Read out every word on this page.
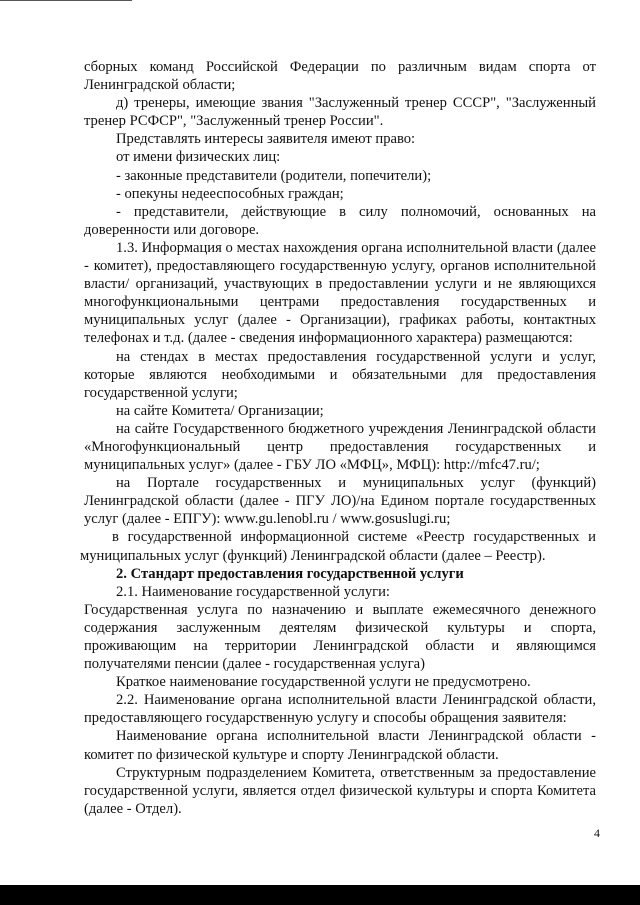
сборных команд Российской Федерации по различным видам спорта от Ленинградской области;

д) тренеры, имеющие звания "Заслуженный тренер СССР", "Заслуженный тренер РСФСР", "Заслуженный тренер России".

Представлять интересы заявителя имеют право:

от имени физических лиц:

- законные представители (родители, попечители);

- опекуны недееспособных граждан;

- представители, действующие в силу полномочий, основанных на доверенности или договоре.

1.3. Информация о местах нахождения органа исполнительной власти (далее - комитет), предоставляющего государственную услугу, органов исполнительной власти/ организаций, участвующих в предоставлении услуги и не являющихся многофункциональными центрами предоставления государственных и муниципальных услуг (далее - Организации), графиках работы, контактных телефонах и т.д. (далее - сведения информационного характера) размещаются:

на стендах в местах предоставления государственной услуги и услуг, которые являются необходимыми и обязательными для предоставления государственной услуги;

на сайте Комитета/ Организации;

на сайте Государственного бюджетного учреждения Ленинградской области «Многофункциональный центр предоставления государственных и муниципальных услуг» (далее - ГБУ ЛО «МФЦ», МФЦ): http://mfc47.ru/;

на Портале государственных и муниципальных услуг (функций) Ленинградской области (далее - ПГУ ЛО)/на Едином портале государственных услуг (далее - ЕПГУ): www.gu.lenobl.ru / www.gosuslugi.ru;

в государственной информационной системе «Реестр государственных и муниципальных услуг (функций) Ленинградской области (далее – Реестр).

2. Стандарт предоставления государственной услуги

2.1. Наименование государственной услуги:

Государственная услуга по назначению и выплате ежемесячного денежного содержания заслуженным деятелям физической культуры и спорта, проживающим на территории Ленинградской области и являющимся получателями пенсии (далее - государственная услуга)

Краткое наименование государственной услуги не предусмотрено.

2.2. Наименование органа исполнительной власти Ленинградской области, предоставляющего государственную услугу и способы обращения заявителя:

Наименование органа исполнительной власти Ленинградской области - комитет по физической культуре и спорту Ленинградской области.

Структурным подразделением Комитета, ответственным за предоставление государственной услуги, является отдел физической культуры и спорта Комитета (далее - Отдел).

4
